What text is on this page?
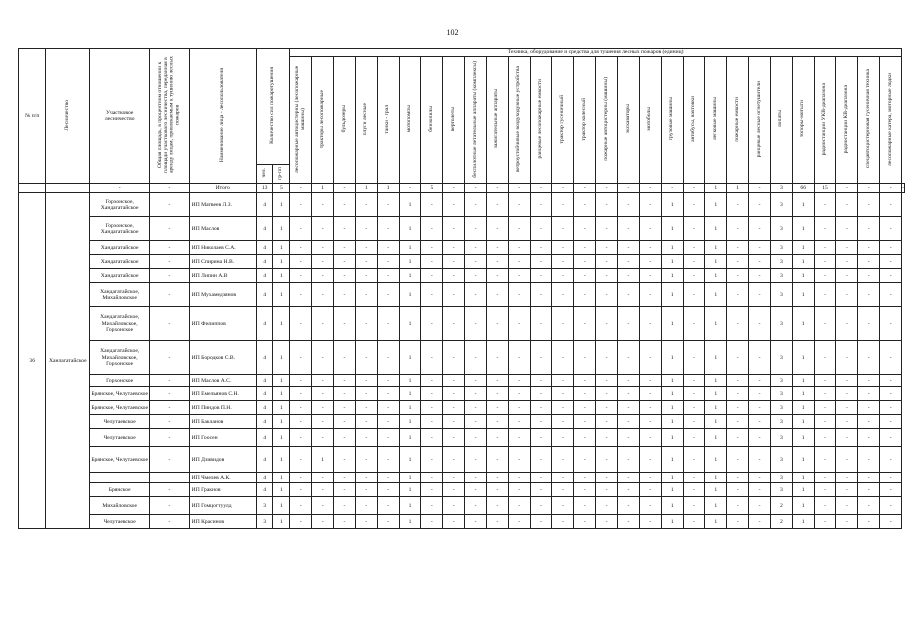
102
№ п/п	Лесничество	Участковое лесничество	Общая площадь, в процентном отношении к площади участкового лесничества, переданная в аренду лицам, привлекаемым к тушению лесных пожаров	Наименование лица - лесопользователя	Количество сил пожаротушения		Техника, оборудование и средства для тушения лесных пожаров (единиц)																												
							лесопожарные автоцистерны (лесопожарные машины)	тракторы лесопожарные	бульдозеры	плуги лесные	танки - грал	мотопомпы	бензопилы	вертолеты	беспилотные летательные аппараты (комплексы)	зажигательные аппараты	ветроустойчивые воздуходувные устройства	ранцевые лесопожарные емкости	трактор гусеничный	трактор колесный	пожарные автоцистерны (машины)	экскаваторы	мотоболы	грузовые машины	автобусы, вахтовки	легковые машины	пожарные емкости	ранцевые лесные огнетушители	лопаты	топоры-мотыги	радиостанции УКВ-диапазона	радиостанции КВ-диапазона	спецавтоцистерновая гусеничная техника	лесопожарные катера, моторные лодки	
					чел.	гр-пп																													
		-	-	Итого	13	5	-	1	-	1	1	-	5	-	-	-	-	-	-	-	-	-	-	-	-	1	1	-	3	66	15	-	-	-	-
36	Ханлагатайское	Горхонское, Хандагатайское	-	ИП Матвеев Л.З.	4	1	-	-	-	-	-	1	-	-	-	-	-	-	-	-	-	-	-	1	-	1	-	-	3	1	-	-	-	-	
		Горхонское, Хандагатайское	-	ИП Маслов	4	1	-	-	-	-	-	1	-	-	-	-	-	-	-	-	-	-	-	1	-	1	-	-	3	1	-	-	-	-	
		Хандагатайское	-	ИП Николаев С.А.	4	1	-	-	-	-	-	1	-	-	-	-	-	-	-	-	-	-	-	1	-	1	-	-	3	1	-	-	-	-	
		Хандагатайское	-	ИП Спирина Н.В.	4	1	-	-	-	-	-	1	-	-	-	-	-	-	-	-	-	-	-	1	-	1	-	-	3	1	-	-	-	-	
		Хандагатайское	-	ИП Липин А.В	4	1	-	-	-	-	-	1	-	-	-	-	-	-	-	-	-	-	-	1	-	1	-	-	3	1	-	-	-	-	
		Хандагатайское, Михайловское	-	ИП Мухамедзянов	4	1	-	-	-	-	-	1	-	-	-	-	-	-	-	-	-	-	-	1	-	1	-	-	3	1	-	-	-	-	
		Хандагатайское, Михайловское, Горхонское	-	ИП Филиппов	4	1	-	-	-	-	-	1	-	-	-	-	-	-	-	-	-	-	-	1	-	1	-	-	3	1	-	-	-	-	
		Хандагатайское, Михайловское, Горхонское	-	ИП Бородков С.В.	4	1	-	-	-	-	-	1	-	-	-	-	-	-	-	-	-	-	-	1	-	1	-	-	3	1	-	-	-	-	
		Горхонское	-	ИП Маслов А.С.	4	1	-	-	-	-	-	1	-	-	-	-	-	-	-	-	-	-	-	1	-	1	-	-	3	1	-	-	-	-	
		Брянское, Челутаевское	-	ИП Емельянов С.Н.	4	1	-	-	-	-	-	1	-	-	-	-	-	-	-	-	-	-	-	1	-	1	-	-	3	1	-	-	-	-	
		Брянское, Челутаевское	-	ИП Пиндов П.Н.	4	1	-	-	-	-	-	1	-	-	-	-	-	-	-	-	-	-	-	1	-	1	-	-	3	1	-	-	-	-	
		Челутаевское	-	ИП Бакланов	4	1	-	-	-	-	-	1	-	-	-	-	-	-	-	-	-	-	-	1	-	1	-	-	3	1	-	-	-	-	
		Челутаевское	-	ИП Гоосен	4	1	-	-	-	-	-	1	-	-	-	-	-	-	-	-	-	-	-	1	-	1	-	-	3	1	-	-	-	-	
		Брянское, Челутаевское	-	ИП Дзивидов	4	1	-	1	-	-	-	1	-	-	-	-	-	-	-	-	-	-	-	1	-	1	-	-	3	1	-	-	-	-	
				ИП Чмелев А.К.	4	1	-	-	-	-	-	1	-	-	-	-	-	-	-	-	-	-	-	1	-	1	-	-	3	1	-	-	-	-	
		Брянское	-	ИП Гракнов	4	1	-	-	-	-	-	1	-	-	-	-	-	-	-	-	-	-	-	1	-	1	-	-	3	1	-	-	-	-	
		Михайловское	-	ИП Гомцогтуулд	3	1	-	-	-	-	-	1	-	-	-	-	-	-	-	-	-	-	-	1	-	1	-	-	2	1	-	-	-	-	
		Челутаевское	-	ИП Красинов	3	1	-	-	-	-	-	1	-	-	-	-	-	-	-	-	-	-	-	1	-	1	-	-	2	1	-	-	-	-	
